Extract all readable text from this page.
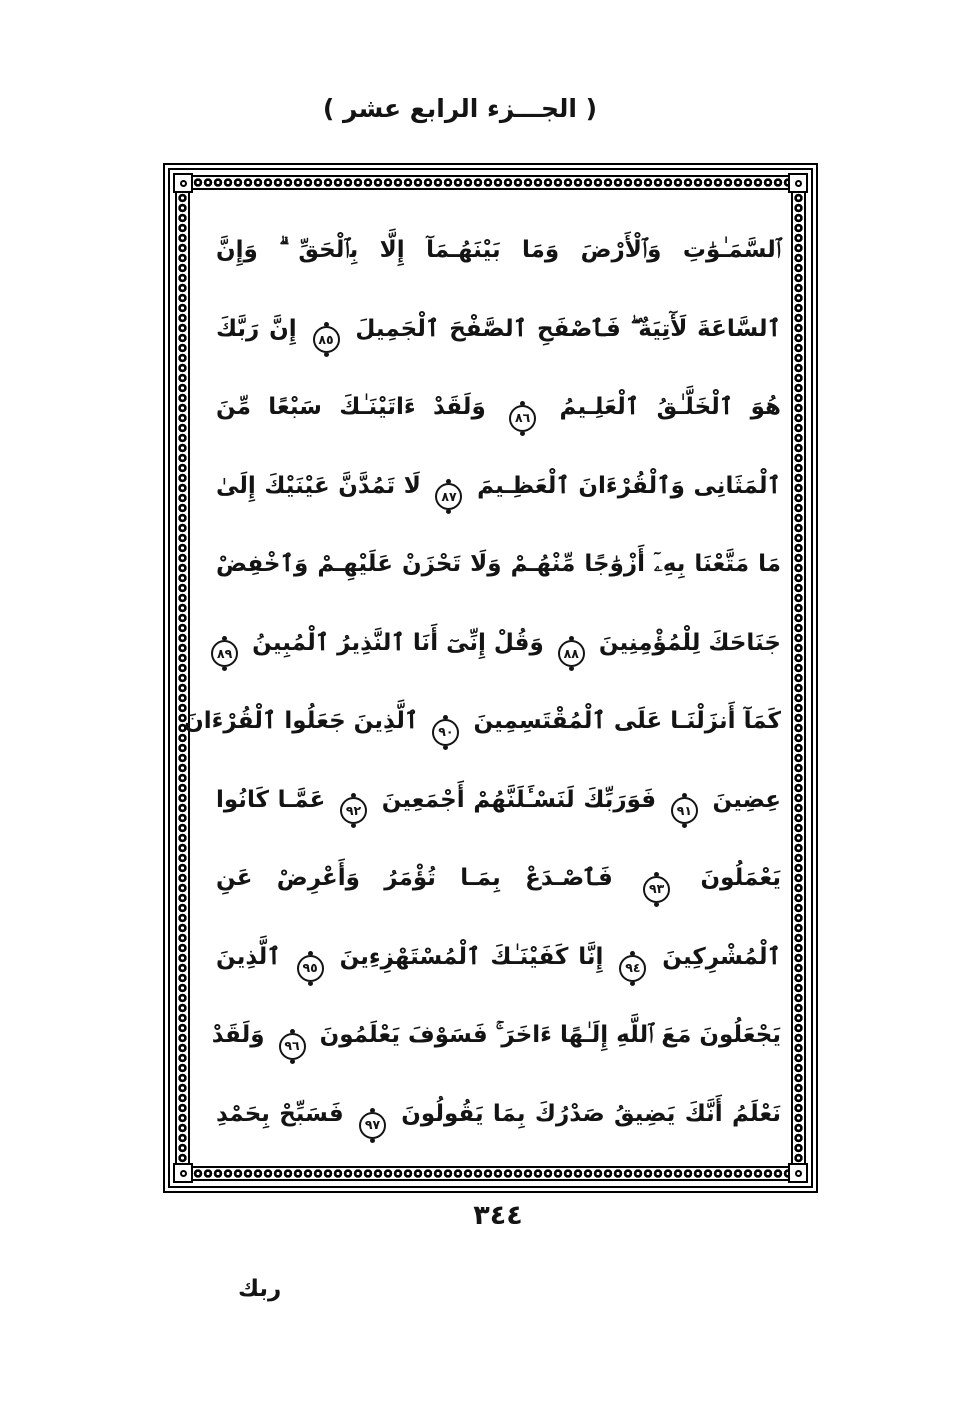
( الجـــزء الرابع عشر )
ٱلسَّمَـٰوَٰتِ وَٱلْأَرْضَ وَمَا بَيْنَهُـمَآ إِلَّا بِٱلْحَقِّ ۗ وَإِنَّ
ٱلسَّاعَةَ لَأٓتِيَةٌ ۖ فَٱصْفَحِ ٱلصَّفْحَ ٱلْجَمِيلَ ٨٥ إِنَّ رَبَّكَ
هُوَ ٱلْخَلَّـٰقُ ٱلْعَلِـيمُ ٨٦ وَلَقَدْ ءَاتَيْنَـٰكَ سَبْعًا مِّنَ
ٱلْمَثَانِى وَٱلْقُرْءَانَ ٱلْعَظِـيمَ ٨٧ لَا تَمُدَّنَّ عَيْنَيْكَ إِلَىٰ
مَا مَتَّعْنَا بِهِۦٓ أَزْوَٰجًا مِّنْهُـمْ وَلَا تَحْزَنْ عَلَيْهِـمْ وَٱخْفِضْ
جَنَاحَكَ لِلْمُؤْمِنِينَ ٨٨ وَقُلْ إِنِّىٓ أَنَا ٱلنَّذِيرُ ٱلْمُبِينُ ٨٩
كَمَآ أَنزَلْنَـا عَلَى ٱلْمُقْتَسِمِينَ ٩٠ ٱلَّذِينَ جَعَلُوا ٱلْقُرْءَانَ
عِضِينَ ٩١ فَوَرَبِّكَ لَنَسْـَٔلَنَّهُمْ أَجْمَعِينَ ٩٢ عَمَّـا كَانُوا
يَعْمَلُونَ ٩٣ فَٱصْـدَعْ بِمَـا تُؤْمَرُ وَأَعْرِضْ عَنِ
ٱلْمُشْرِكِينَ ٩٤ إِنَّا كَفَيْنَـٰكَ ٱلْمُسْتَهْزِءِينَ ٩٥ ٱلَّذِينَ
يَجْعَلُونَ مَعَ ٱللَّهِ إِلَـٰهًا ءَاخَرَ ۚ فَسَوْفَ يَعْلَمُونَ ٩٦ وَلَقَدْ
نَعْلَمُ أَنَّكَ يَضِيقُ صَدْرُكَ بِمَا يَقُولُونَ ٩٧ فَسَبِّحْ بِحَمْدِ
٣٤٤
ربك
